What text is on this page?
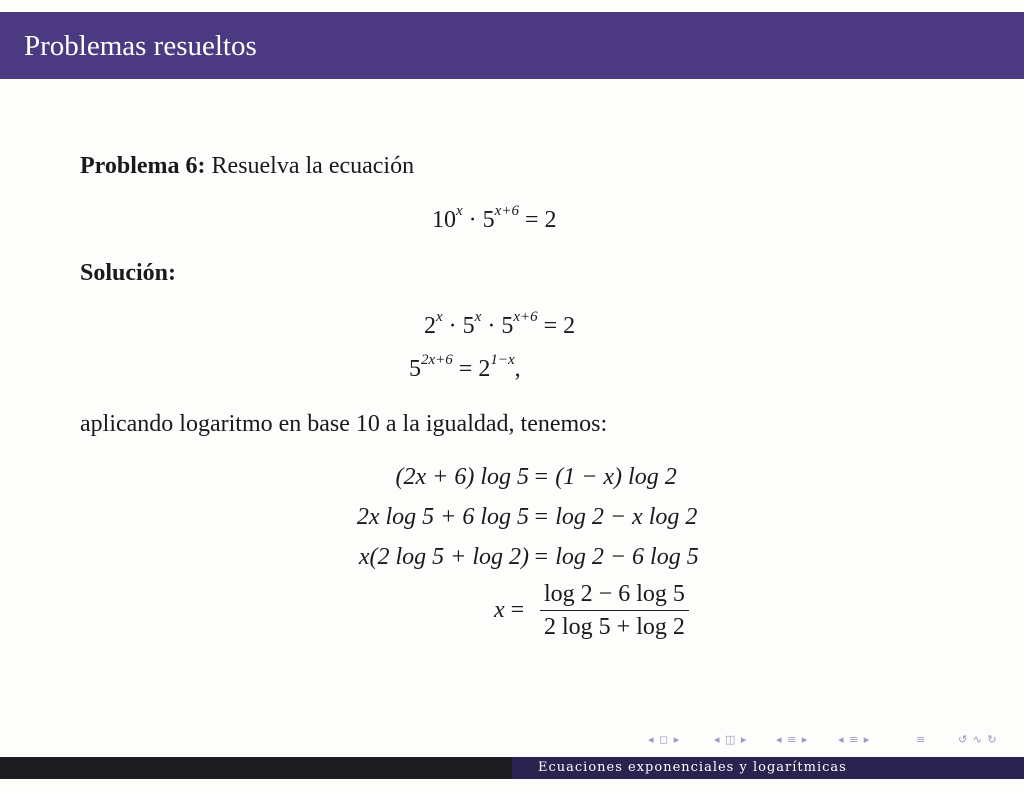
Problemas resueltos
Problema 6: Resuelva la ecuación
$10^x \cdot 5^{x+6} = 2$
Solución:
$2^x \cdot 5^x \cdot 5^{x+6} = 2$
$5^{2x+6} = 2^{1-x}$,
aplicando logaritmo en base 10 a la igualdad, tenemos:
(2x + 6) log 5 = (1 − x) log 2
2x log 5 + 6 log 5 = log 2 − x log 2
x(2 log 5 + log 2) = log 2 − 6 log 5
$x = \frac{\log 2 - 6 \log 5}{2 \log 5 + \log 2}$
◂ ◻ ▸	◂ ◫ ▸	◂ ≡ ▸	◂ ≡ ▸	≡	↺ ∿ ↻
Ecuaciones exponenciales y logarítmicas
